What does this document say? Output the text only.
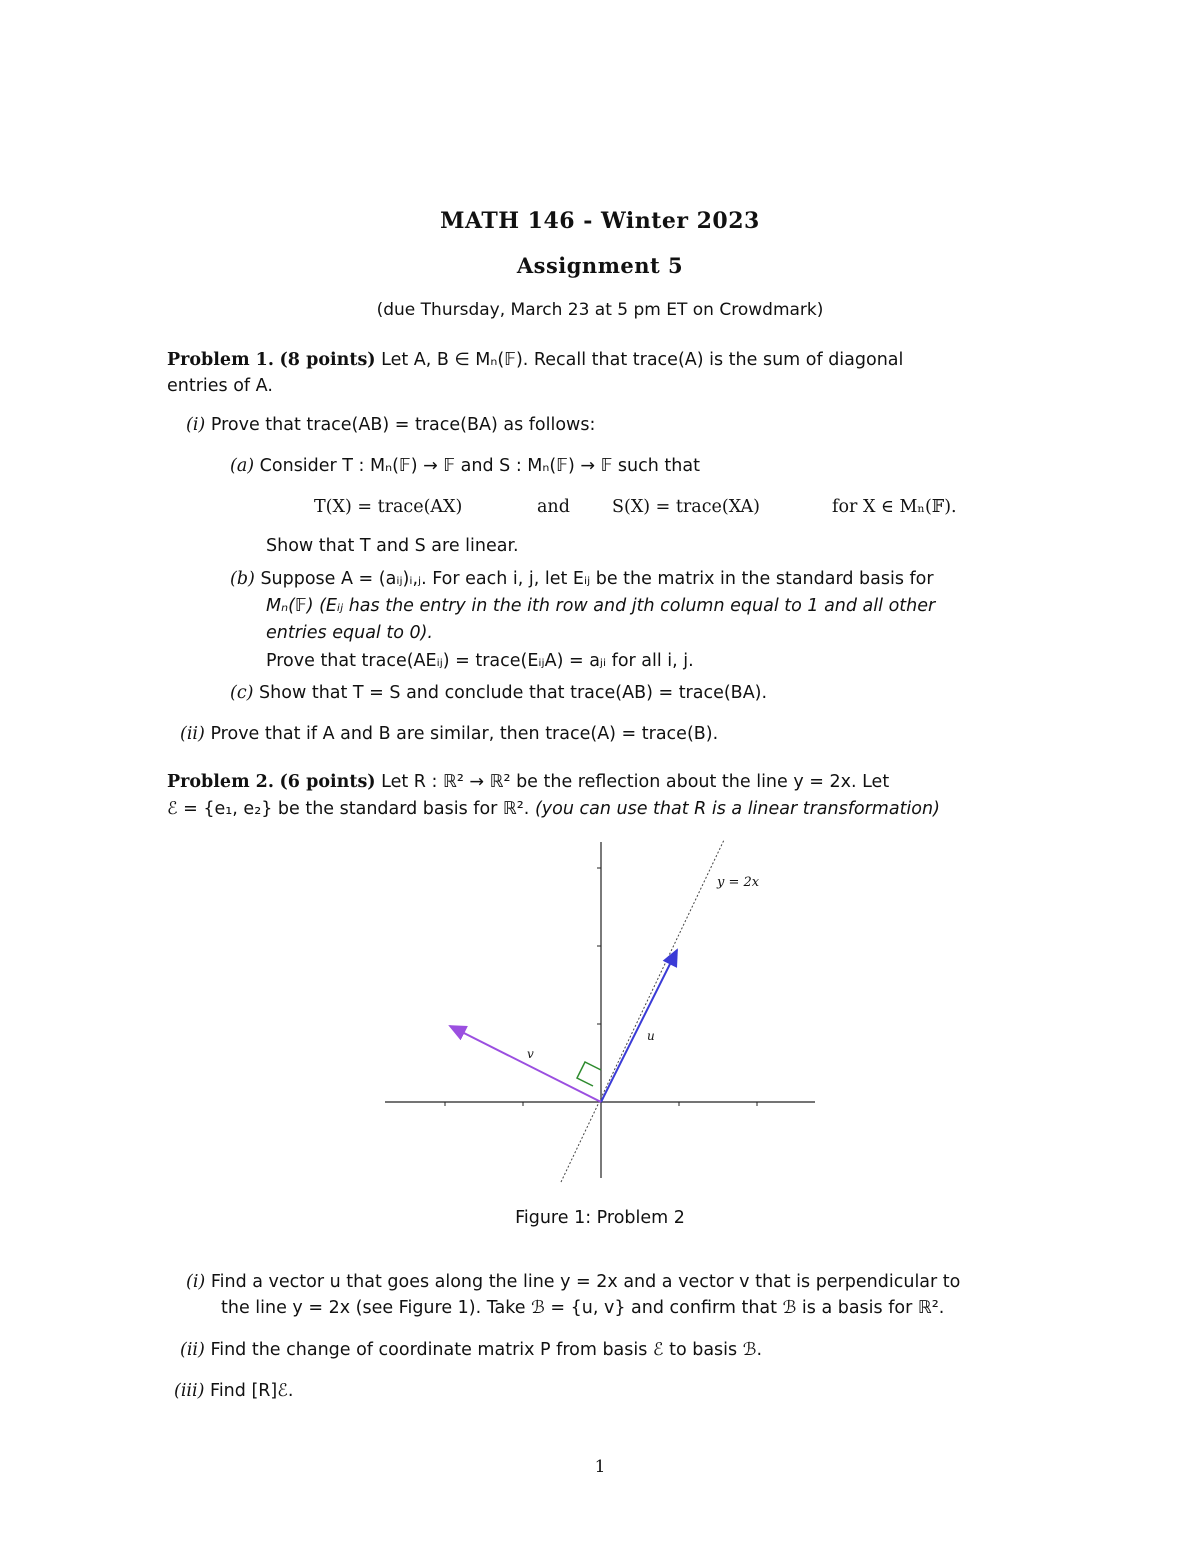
MATH 146 - Winter 2023
Assignment 5
(due Thursday, March 23 at 5 pm ET on Crowdmark)
Problem 1. (8 points) Let A, B ∈ Mₙ(𝔽). Recall that trace(A) is the sum of diagonal
entries of A.
(i) Prove that trace(AB) = trace(BA) as follows:
(a) Consider T : Mₙ(𝔽) → 𝔽 and S : Mₙ(𝔽) → 𝔽 such that
T(X) = trace(AX)	and S(X) = trace(XA)	for X ∈ Mₙ(𝔽).
Show that T and S are linear.
(b) Suppose A = (aᵢⱼ)ᵢ,ⱼ. For each i, j, let Eᵢⱼ be the matrix in the standard basis for
Mₙ(𝔽) (Eᵢⱼ has the entry in the ith row and jth column equal to 1 and all other
entries equal to 0).
Prove that trace(AEᵢⱼ) = trace(EᵢⱼA) = aⱼᵢ for all i, j.
(c) Show that T = S and conclude that trace(AB) = trace(BA).
(ii) Prove that if A and B are similar, then trace(A) = trace(B).
Problem 2. (6 points) Let R : ℝ² → ℝ² be the reflection about the line y = 2x. Let
ℰ = {e₁, e₂} be the standard basis for ℝ². (you can use that R is a linear transformation)
y = 2x
u
v
Figure 1: Problem 2
(i) Find a vector u that goes along the line y = 2x and a vector v that is perpendicular to
the line y = 2x (see Figure 1). Take ℬ = {u, v} and confirm that ℬ is a basis for ℝ².
(ii) Find the change of coordinate matrix P from basis ℰ to basis ℬ.
(iii) Find [R]ℰ.
1
